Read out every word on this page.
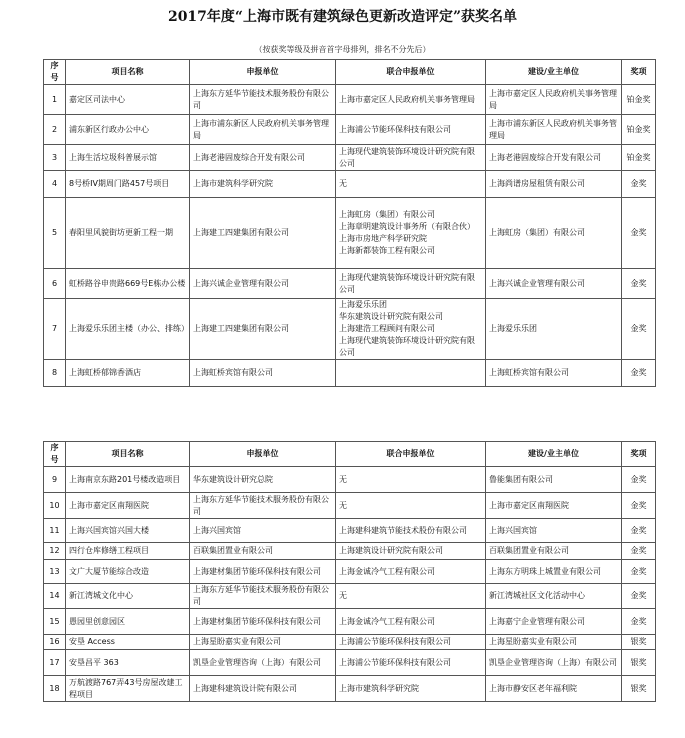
2017年度“上海市既有建筑绿色更新改造评定”获奖名单
（按获奖等级及拼音首字母排列，排名不分先后）
序号	项目名称	申报单位	联合申报单位	建设/业主单位	奖项
1	嘉定区司法中心	上海东方延华节能技术服务股份有限公司	上海市嘉定区人民政府机关事务管理局	上海市嘉定区人民政府机关事务管理局	铂金奖
2	浦东新区行政办公中心	上海市浦东新区人民政府机关事务管理局	上海浦公节能环保科技有限公司	上海市浦东新区人民政府机关事务管理局	铂金奖
3	上海生活垃圾科普展示馆	上海老港固废综合开发有限公司	上海现代建筑装饰环境设计研究院有限公司	上海老港固废综合开发有限公司	铂金奖
4	8号桥IV期周门路457号项目	上海市建筑科学研究院	无	上海尚谱房屋租赁有限公司	金奖
5	春阳里风貌街坊更新工程一期	上海建工四建集团有限公司	上海虹房（集团）有限公司
上海章明建筑设计事务所（有限合伙）
上海市房地产科学研究院
上海新都装饰工程有限公司	上海虹房（集团）有限公司	金奖
6	虹桥路谷申贵路669号E栋办公楼	上海兴诚企业管理有限公司	上海现代建筑装饰环境设计研究院有限公司	上海兴诚企业管理有限公司	金奖
7	上海爱乐乐团主楼（办公、排练）	上海建工四建集团有限公司	上海爱乐乐团
华东建筑设计研究院有限公司
上海建浩工程顾问有限公司
上海现代建筑装饰环境设计研究院有限公司	上海爱乐乐团	金奖
8	上海虹桥郁锦香酒店	上海虹桥宾馆有限公司		上海虹桥宾馆有限公司	金奖
序号	项目名称	申报单位	联合申报单位	建设/业主单位	奖项
9	上海南京东路201号楼改造项目	华东建筑设计研究总院	无	鲁能集团有限公司	金奖
10	上海市嘉定区南翔医院	上海东方延华节能技术服务股份有限公司	无	上海市嘉定区南翔医院	金奖
11	上海兴国宾馆兴国大楼	上海兴国宾馆	上海建科建筑节能技术股份有限公司	上海兴国宾馆	金奖
12	四行仓库修缮工程项目	百联集团置业有限公司	上海建筑设计研究院有限公司	百联集团置业有限公司	金奖
13	文广大厦节能综合改造	上海建材集团节能环保科技有限公司	上海金诚冷气工程有限公司	上海东方明珠上城置业有限公司	金奖
14	新江湾城文化中心	上海东方延华节能技术服务股份有限公司	无	新江湾城社区文化活动中心	金奖
15	愚园里创意园区	上海建材集团节能环保科技有限公司	上海金诚冷气工程有限公司	上海嘉宁企业管理有限公司	金奖
16	安垦 Access	上海星盼嘉实业有限公司	上海浦公节能环保科技有限公司	上海星盼嘉实业有限公司	银奖
17	安垦昌平 363	凯垦企业管理咨询（上海）有限公司	上海浦公节能环保科技有限公司	凯垦企业管理咨询（上海）有限公司	银奖
18	万航渡路767弄43号房屋改建工程项目	上海建科建筑设计院有限公司	上海市建筑科学研究院	上海市静安区老年福利院	银奖
